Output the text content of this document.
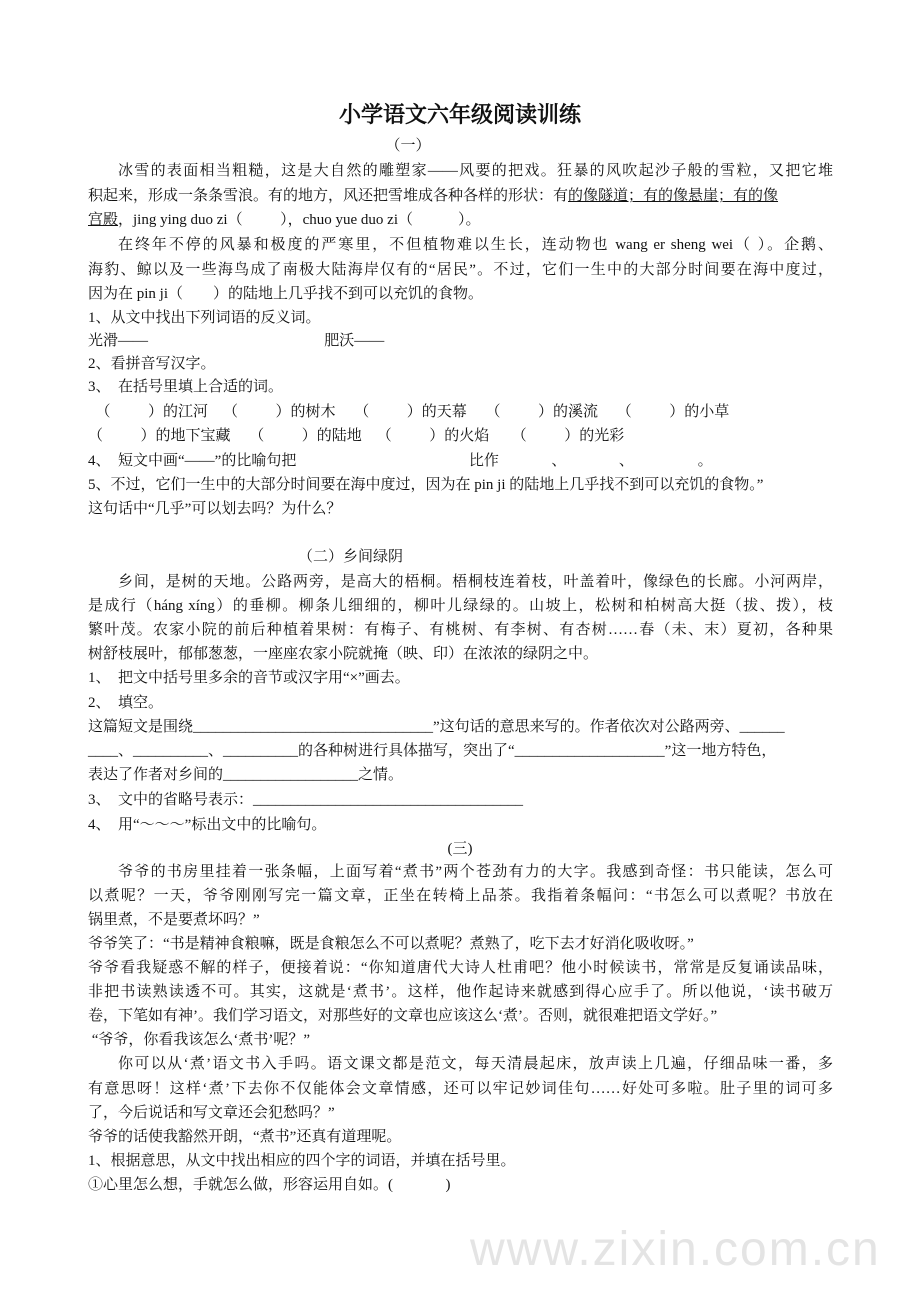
www.zixin.com.cn
小学语文六年级阅读训练
（一）
冰雪的表面相当粗糙，这是大自然的雕塑家——风要的把戏。狂暴的风吹起沙子般的雪粒，又把它堆
积起来，形成一条条雪浪。有的地方，风还把雪堆成各种各样的形状：有的像隧道；有的像悬崖；有的像
宫殿，jing ying duo zi（          ），chuo yue duo zi（            ）。
在终年不停的风暴和极度的严寒里，不但植物难以生长，连动物也 wang er sheng wei（ ）。企鹅、
海豹、鲸以及一些海鸟成了南极大陆海岸仅有的“居民”。不过，它们一生中的大部分时间要在海中度过，
因为在 pin ji（        ）的陆地上几乎找不到可以充饥的食物。
1、从文中找出下列词语的反义词。
光滑——                                               肥沃——
2、看拼音写汉字。
3、  在括号里填上合适的词。
（          ）的江河    （          ）的树木     （          ）的天幕     （          ）的溪流     （          ）的小草
（          ）的地下宝藏     （          ）的陆地    （          ）的火焰      （          ）的光彩
4、  短文中画“——”的比喻句把                                              比作              、              、                 。
5、不过，它们一生中的大部分时间要在海中度过，因为在 pin ji 的陆地上几乎找不到可以充饥的食物。”
这句话中“几乎”可以划去吗？为什么？
（二）乡间绿阴
乡间，是树的天地。公路两旁，是高大的梧桐。梧桐枝连着枝，叶盖着叶，像绿色的长廊。小河两岸，
是成行（háng xíng）的垂柳。柳条儿细细的，柳叶儿绿绿的。山坡上，松树和柏树高大挺（拔、拨），枝
繁叶茂。农家小院的前后种植着果树：有梅子、有桃树、有李树、有杏树……春（未、末）夏初，各种果
树舒枝展叶，郁郁葱葱，一座座农家小院就掩（映、印）在浓浓的绿阴之中。
1、  把文中括号里多余的音节或汉字用“×”画去。
2、  填空。
这篇短文是围绕________________________________”这句话的意思来写的。作者依次对公路两旁、______
____、__________、__________的各种树进行具体描写，突出了“____________________”这一地方特色，
表达了作者对乡间的__________________之情。
3、  文中的省略号表示：____________________________________
4、  用“～～～”标出文中的比喻句。
(三)
爷爷的书房里挂着一张条幅，上面写着“煮书”两个苍劲有力的大字。我感到奇怪：书只能读，怎么可
以煮呢？一天，爷爷刚刚写完一篇文章，正坐在转椅上品茶。我指着条幅问：“书怎么可以煮呢？书放在
锅里煮，不是要煮坏吗？”
爷爷笑了：“书是精神食粮嘛，既是食粮怎么不可以煮呢？煮熟了，吃下去才好消化吸收呀。”
爷爷看我疑惑不解的样子，便接着说：“你知道唐代大诗人杜甫吧？他小时候读书，常常是反复诵读品味，
非把书读熟读透不可。其实，这就是‘煮书’。这样，他作起诗来就感到得心应手了。所以他说，‘读书破万
卷，下笔如有神’。我们学习语文，对那些好的文章也应该这么‘煮’。否则，就很难把语文学好。”
“爷爷，你看我该怎么‘煮书’呢？”
你可以从‘煮’语文书入手吗。语文课文都是范文，每天清晨起床，放声读上几遍，仔细品味一番，多
有意思呀！这样‘煮’下去你不仅能体会文章情感，还可以牢记妙词佳句……好处可多啦。肚子里的词可多
了，今后说话和写文章还会犯愁吗？”
爷爷的话使我豁然开朗，“煮书”还真有道理呢。
1、根据意思，从文中找出相应的四个字的词语，并填在括号里。
①心里怎么想，手就怎么做，形容运用自如。(              )
